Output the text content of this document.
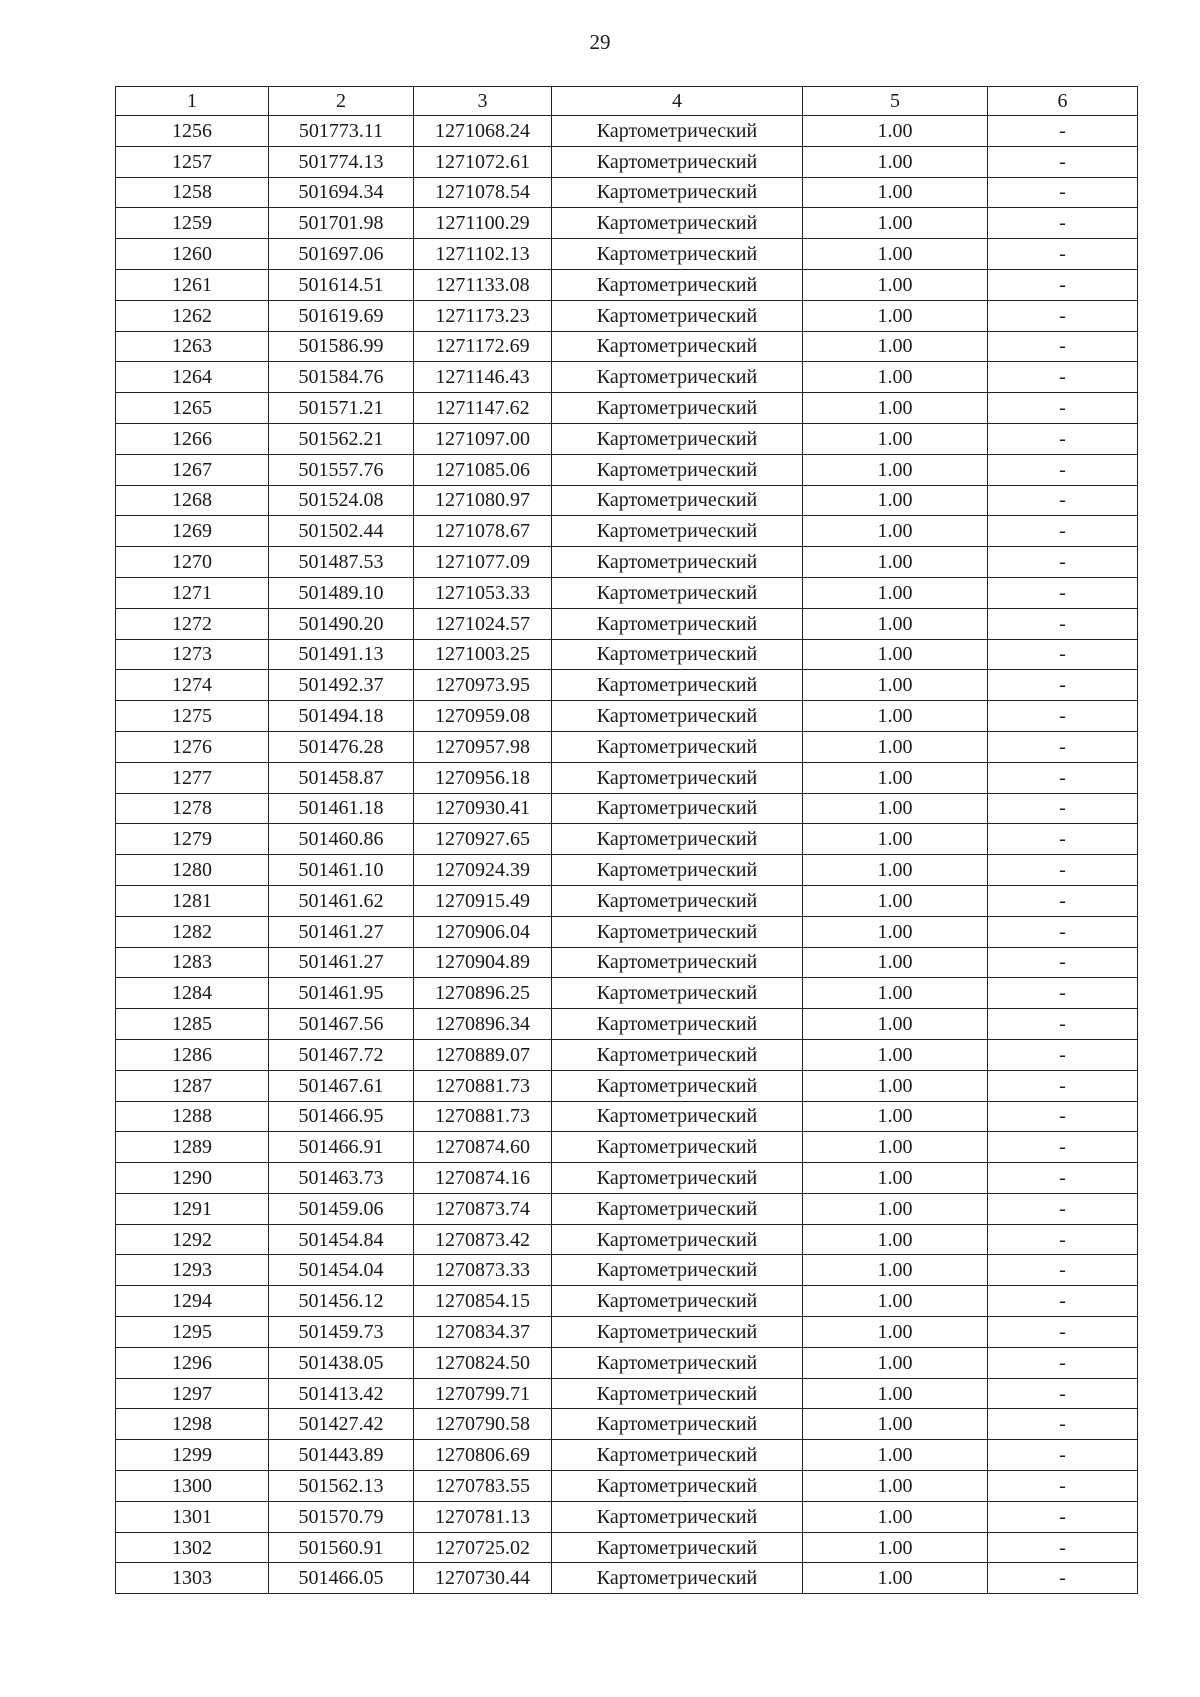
29
1	2	3	4	5	6
1256	501773.11	1271068.24	Картометрический	1.00	-
1257	501774.13	1271072.61	Картометрический	1.00	-
1258	501694.34	1271078.54	Картометрический	1.00	-
1259	501701.98	1271100.29	Картометрический	1.00	-
1260	501697.06	1271102.13	Картометрический	1.00	-
1261	501614.51	1271133.08	Картометрический	1.00	-
1262	501619.69	1271173.23	Картометрический	1.00	-
1263	501586.99	1271172.69	Картометрический	1.00	-
1264	501584.76	1271146.43	Картометрический	1.00	-
1265	501571.21	1271147.62	Картометрический	1.00	-
1266	501562.21	1271097.00	Картометрический	1.00	-
1267	501557.76	1271085.06	Картометрический	1.00	-
1268	501524.08	1271080.97	Картометрический	1.00	-
1269	501502.44	1271078.67	Картометрический	1.00	-
1270	501487.53	1271077.09	Картометрический	1.00	-
1271	501489.10	1271053.33	Картометрический	1.00	-
1272	501490.20	1271024.57	Картометрический	1.00	-
1273	501491.13	1271003.25	Картометрический	1.00	-
1274	501492.37	1270973.95	Картометрический	1.00	-
1275	501494.18	1270959.08	Картометрический	1.00	-
1276	501476.28	1270957.98	Картометрический	1.00	-
1277	501458.87	1270956.18	Картометрический	1.00	-
1278	501461.18	1270930.41	Картометрический	1.00	-
1279	501460.86	1270927.65	Картометрический	1.00	-
1280	501461.10	1270924.39	Картометрический	1.00	-
1281	501461.62	1270915.49	Картометрический	1.00	-
1282	501461.27	1270906.04	Картометрический	1.00	-
1283	501461.27	1270904.89	Картометрический	1.00	-
1284	501461.95	1270896.25	Картометрический	1.00	-
1285	501467.56	1270896.34	Картометрический	1.00	-
1286	501467.72	1270889.07	Картометрический	1.00	-
1287	501467.61	1270881.73	Картометрический	1.00	-
1288	501466.95	1270881.73	Картометрический	1.00	-
1289	501466.91	1270874.60	Картометрический	1.00	-
1290	501463.73	1270874.16	Картометрический	1.00	-
1291	501459.06	1270873.74	Картометрический	1.00	-
1292	501454.84	1270873.42	Картометрический	1.00	-
1293	501454.04	1270873.33	Картометрический	1.00	-
1294	501456.12	1270854.15	Картометрический	1.00	-
1295	501459.73	1270834.37	Картометрический	1.00	-
1296	501438.05	1270824.50	Картометрический	1.00	-
1297	501413.42	1270799.71	Картометрический	1.00	-
1298	501427.42	1270790.58	Картометрический	1.00	-
1299	501443.89	1270806.69	Картометрический	1.00	-
1300	501562.13	1270783.55	Картометрический	1.00	-
1301	501570.79	1270781.13	Картометрический	1.00	-
1302	501560.91	1270725.02	Картометрический	1.00	-
1303	501466.05	1270730.44	Картометрический	1.00	-
